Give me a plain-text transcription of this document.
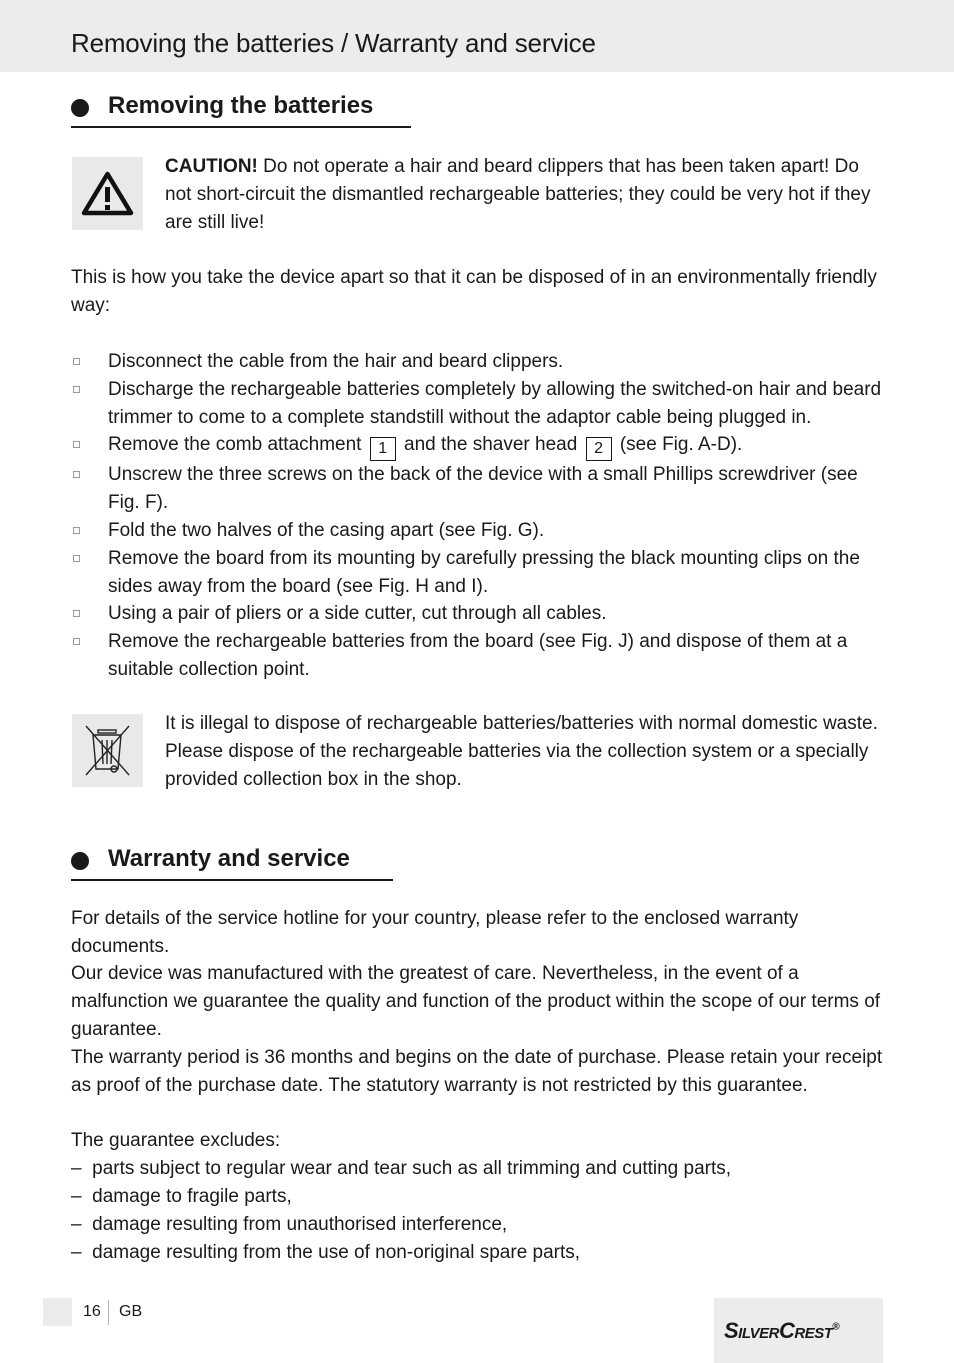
Removing the batteries / Warranty and service
Removing the batteries
CAUTION! Do not operate a hair and beard clippers that has been taken apart! Do not short-circuit the dismantled rechargeable batteries; they could be very hot if they are still live!

This is how you take the device apart so that it can be disposed of in an environmentally friendly way:

Disconnect the cable from the hair and beard clippers.
Discharge the rechargeable batteries completely by allowing the switched-on hair and beard trimmer to come to a complete standstill without the adaptor cable being plugged in.
Remove the comb attachment 1 and the shaver head 2 (see Fig. A-D).
Unscrew the three screws on the back of the device with a small Phillips screwdriver (see Fig. F).
Fold the two halves of the casing apart (see Fig. G).
Remove the board from its mounting by carefully pressing the black mounting clips on the sides away from the board (see Fig. H and I).
Using a pair of pliers or a side cutter, cut through all cables.
Remove the rechargeable batteries from the board (see Fig. J) and dispose of them at a suitable collection point.
It is illegal to dispose of rechargeable batteries/batteries with normal domestic waste. Please dispose of the rechargeable batteries via the collection system or a specially provided collection box in the shop.
Warranty and service

For details of the service hotline for your country, please refer to the enclosed warranty documents.

Our device was manufactured with the greatest of care. Nevertheless, in the event of a malfunction we guarantee the quality and function of the product within the scope of our terms of guarantee.

The warranty period is 36 months and begins on the date of purchase. Please retain your receipt as proof of the purchase date. The statutory warranty is not restricted by this guarantee.

The guarantee excludes:

–  parts subject to regular wear and tear such as all trimming and cutting parts,
–  damage to fragile parts,
–  damage resulting from unauthorised interference,
–  damage resulting from the use of non-original spare parts,
16 GB
SilverCrest®
